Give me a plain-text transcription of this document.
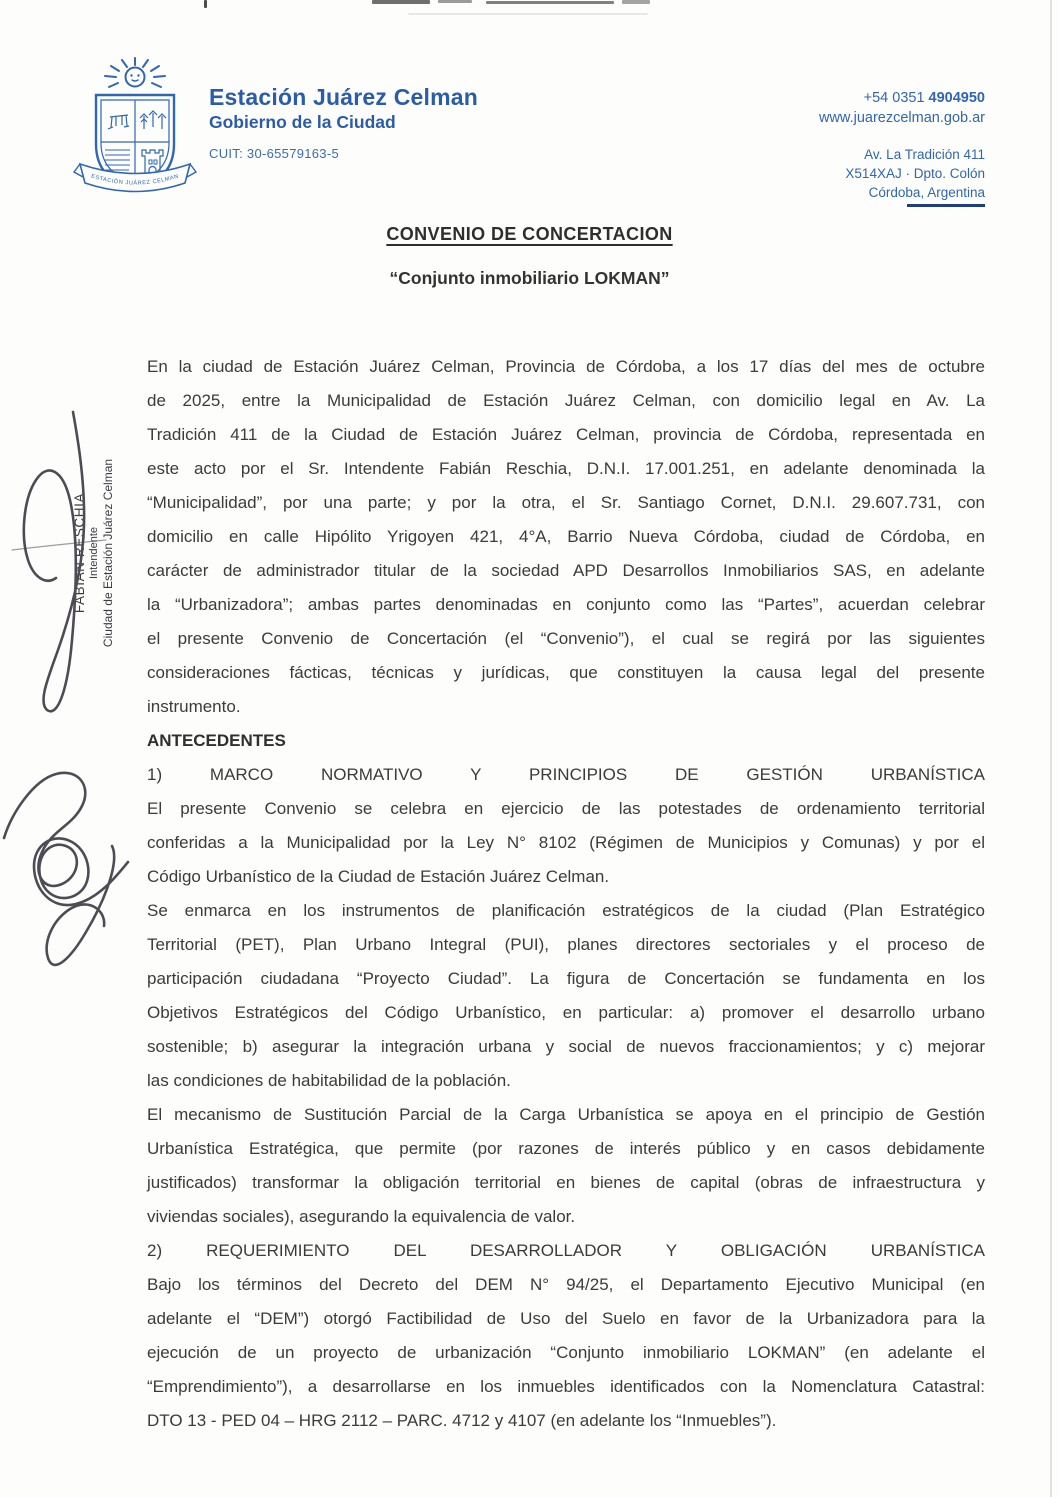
ESTACIÓN JUÁREZ CELMAN
Estación Juárez Celman
Gobierno de la Ciudad
CUIT: 30-65579163-5
+54 0351 4904950
www.juarezcelman.gob.ar
Av. La Tradición 411
X514XAJ · Dpto. Colón
Córdoba, Argentina
CONVENIO DE CONCERTACION
“Conjunto inmobiliario LOKMAN”
En la ciudad de Estación Juárez Celman, Provincia de Córdoba, a los 17 días del mes de octubre
de 2025, entre la Municipalidad de Estación Juárez Celman, con domicilio legal en Av. La
Tradición 411 de la Ciudad de Estación Juárez Celman, provincia de Córdoba, representada en
este acto por el Sr. Intendente Fabián Reschia, D.N.I. 17.001.251, en adelante denominada la
“Municipalidad”, por una parte; y por la otra, el Sr. Santiago Cornet, D.N.I. 29.607.731, con
domicilio en calle Hipólito Yrigoyen 421, 4°A, Barrio Nueva Córdoba, ciudad de Córdoba, en
carácter de administrador titular de la sociedad APD Desarrollos Inmobiliarios SAS, en adelante
la “Urbanizadora”; ambas partes denominadas en conjunto como las “Partes”, acuerdan celebrar
el presente Convenio de Concertación (el “Convenio”), el cual se regirá por las siguientes
consideraciones fácticas, técnicas y jurídicas, que constituyen la causa legal del presente
instrumento.
ANTECEDENTES
1) MARCO NORMATIVO Y PRINCIPIOS DE GESTIÓN URBANÍSTICA
El presente Convenio se celebra en ejercicio de las potestades de ordenamiento territorial
conferidas a la Municipalidad por la Ley N° 8102 (Régimen de Municipios y Comunas) y por el
Código Urbanístico de la Ciudad de Estación Juárez Celman.
Se enmarca en los instrumentos de planificación estratégicos de la ciudad (Plan Estratégico
Territorial (PET), Plan Urbano Integral (PUI), planes directores sectoriales y el proceso de
participación ciudadana “Proyecto Ciudad”. La figura de Concertación se fundamenta en los
Objetivos Estratégicos del Código Urbanístico, en particular: a) promover el desarrollo urbano
sostenible; b) asegurar la integración urbana y social de nuevos fraccionamientos; y c) mejorar
las condiciones de habitabilidad de la población.
El mecanismo de Sustitución Parcial de la Carga Urbanística se apoya en el principio de Gestión
Urbanística Estratégica, que permite (por razones de interés público y en casos debidamente
justificados) transformar la obligación territorial en bienes de capital (obras de infraestructura y
viviendas sociales), asegurando la equivalencia de valor.
2) REQUERIMIENTO DEL DESARROLLADOR Y OBLIGACIÓN URBANÍSTICA
Bajo los términos del Decreto del DEM N° 94/25, el Departamento Ejecutivo Municipal (en
adelante el “DEM”) otorgó Factibilidad de Uso del Suelo en favor de la Urbanizadora para la
ejecución de un proyecto de urbanización “Conjunto inmobiliario LOKMAN” (en adelante el
“Emprendimiento”), a desarrollarse en los inmuebles identificados con la Nomenclatura Catastral:
DTO 13 - PED 04 – HRG 2112 – PARC. 4712 y 4107 (en adelante los “Inmuebles”).
FABIAN RESCHIA Intendente Ciudad de Estación Juárez Celman
